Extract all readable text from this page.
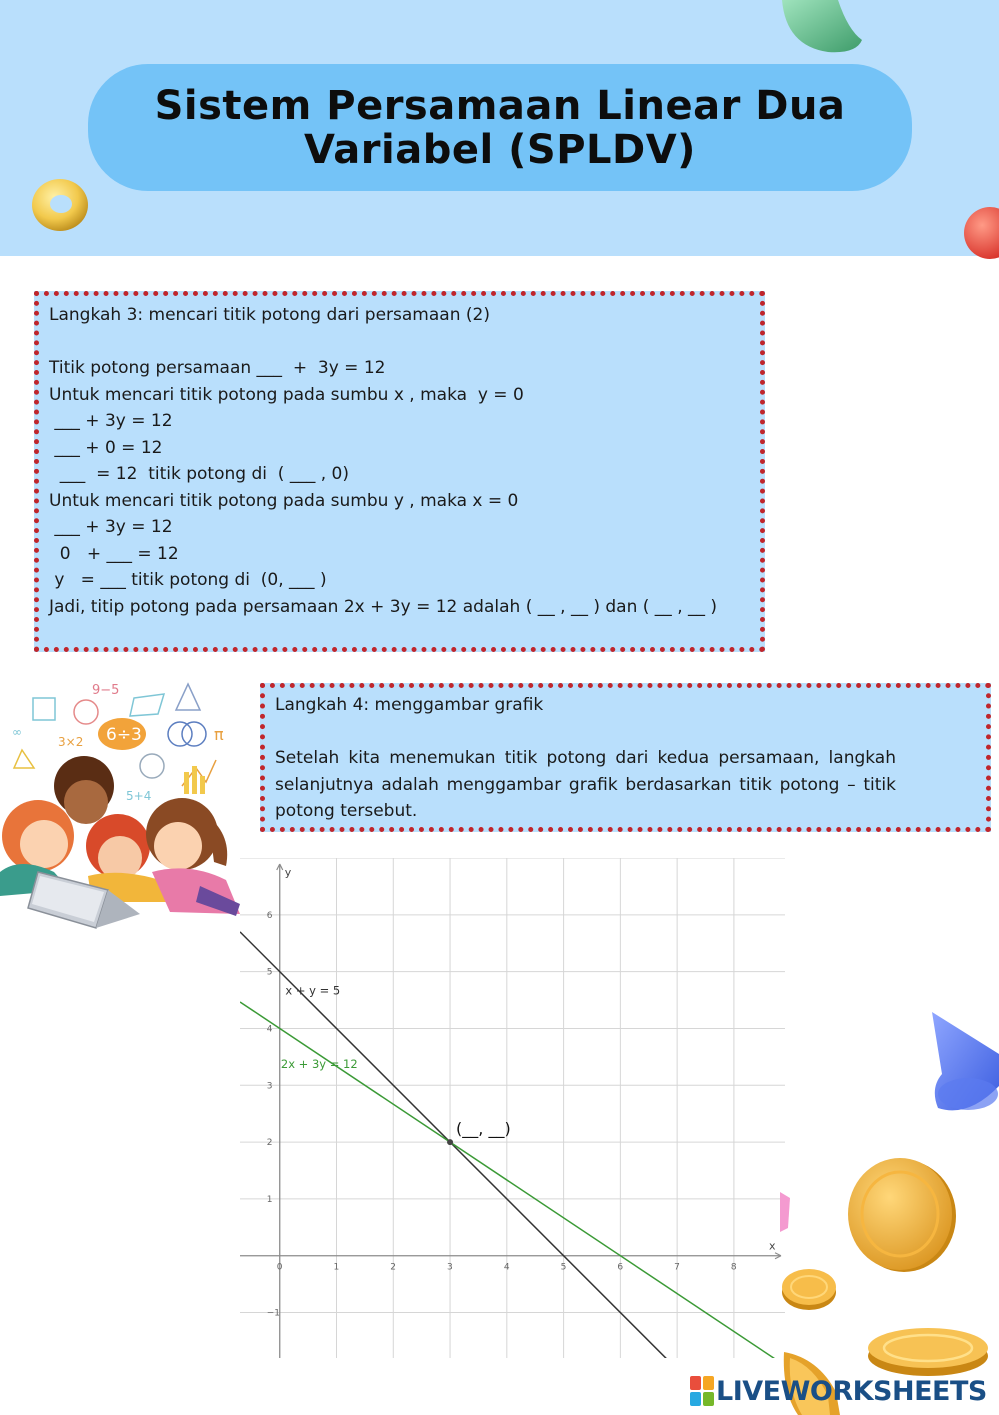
Sistem Persamaan Linear Dua Variabel (SPLDV)
Langkah 3: mencari titik potong dari persamaan (2)
Titik potong persamaan ___  +  3y = 12
Untuk mencari titik potong pada sumbu x , maka  y = 0
___ + 3y = 12
___ + 0 = 12
___  = 12  titik potong di  ( ___ , 0)
Untuk mencari titik potong pada sumbu y , maka x = 0
___ + 3y = 12
0   + ___ = 12
y   = ___ titik potong di  (0, ___ )
Jadi, titip potong pada persamaan 2x + 3y = 12 adalah ( __ , __ ) dan ( __ , __ )
9−5
∞
3×2 6÷3	π
5+4
Langkah 4: menggambar grafik
Setelah kita menemukan titik potong dari kedua persamaan, langkah selanjutnya adalah menggambar grafik berdasarkan titik potong – titik potong tersebut.
x
y
0	1	2	3	4	5	6	7	8
−1
1
2
3
4
5
6
x + y = 5
2x + 3y = 12
(__, __)
LIVEWORKSHEETS
